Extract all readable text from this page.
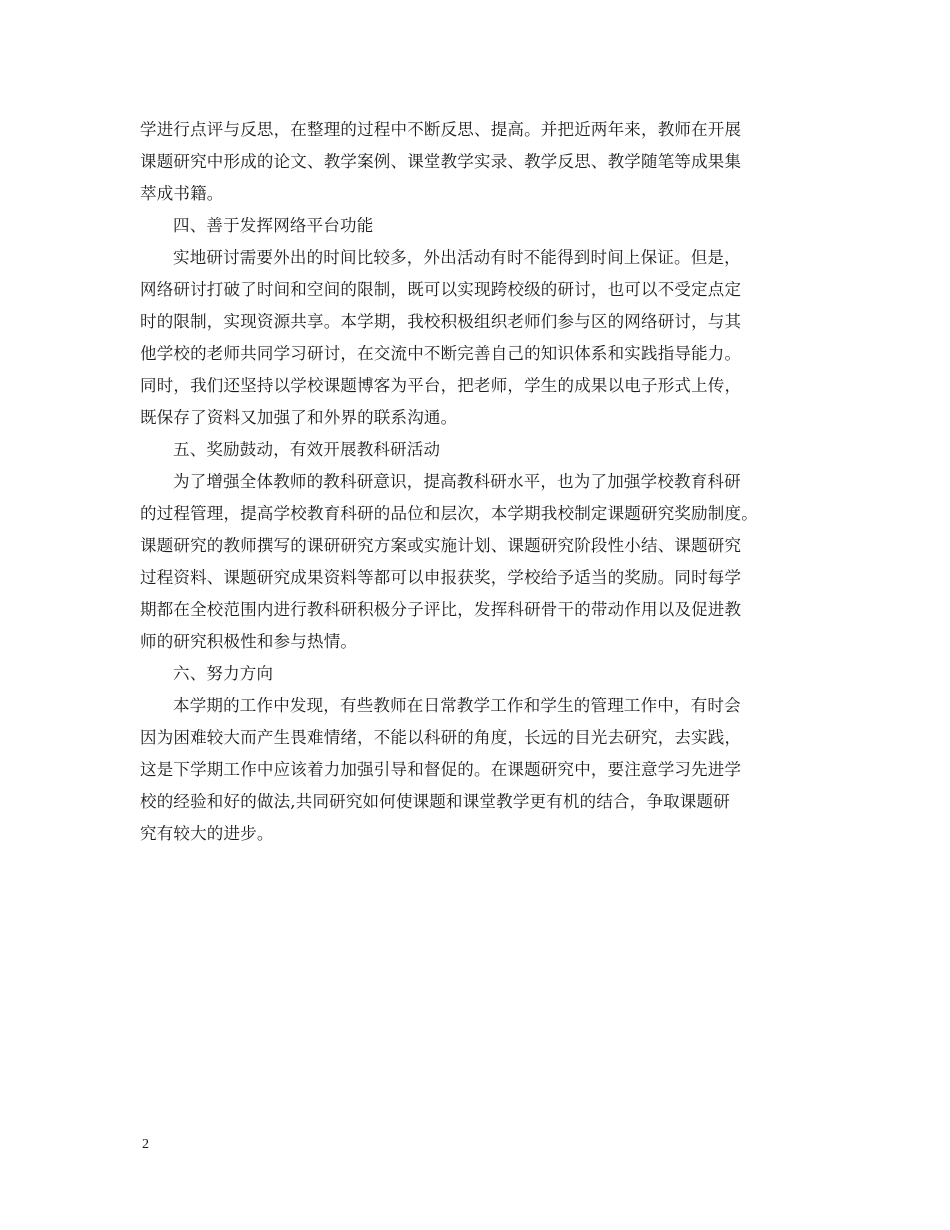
学进行点评与反思，在整理的过程中不断反思、提高。并把近两年来，教师在开展
课题研究中形成的论文、教学案例、课堂教学实录、教学反思、教学随笔等成果集
萃成书籍。
四、善于发挥网络平台功能
实地研讨需要外出的时间比较多，外出活动有时不能得到时间上保证。但是，
网络研讨打破了时间和空间的限制，既可以实现跨校级的研讨，也可以不受定点定
时的限制，实现资源共享。本学期，我校积极组织老师们参与区的网络研讨，与其
他学校的老师共同学习研讨，在交流中不断完善自己的知识体系和实践指导能力。
同时，我们还坚持以学校课题博客为平台，把老师，学生的成果以电子形式上传，
既保存了资料又加强了和外界的联系沟通。
五、奖励鼓动，有效开展教科研活动
为了增强全体教师的教科研意识，提高教科研水平，也为了加强学校教育科研
的过程管理，提高学校教育科研的品位和层次，本学期我校制定课题研究奖励制度。
课题研究的教师撰写的课研研究方案或实施计划、课题研究阶段性小结、课题研究
过程资料、课题研究成果资料等都可以申报获奖，学校给予适当的奖励。同时每学
期都在全校范围内进行教科研积极分子评比，发挥科研骨干的带动作用以及促进教
师的研究积极性和参与热情。
六、努力方向
本学期的工作中发现，有些教师在日常教学工作和学生的管理工作中，有时会
因为困难较大而产生畏难情绪，不能以科研的角度，长远的目光去研究，去实践，
这是下学期工作中应该着力加强引导和督促的。在课题研究中，要注意学习先进学
校的经验和好的做法,共同研究如何使课题和课堂教学更有机的结合，争取课题研
究有较大的进步。
2
